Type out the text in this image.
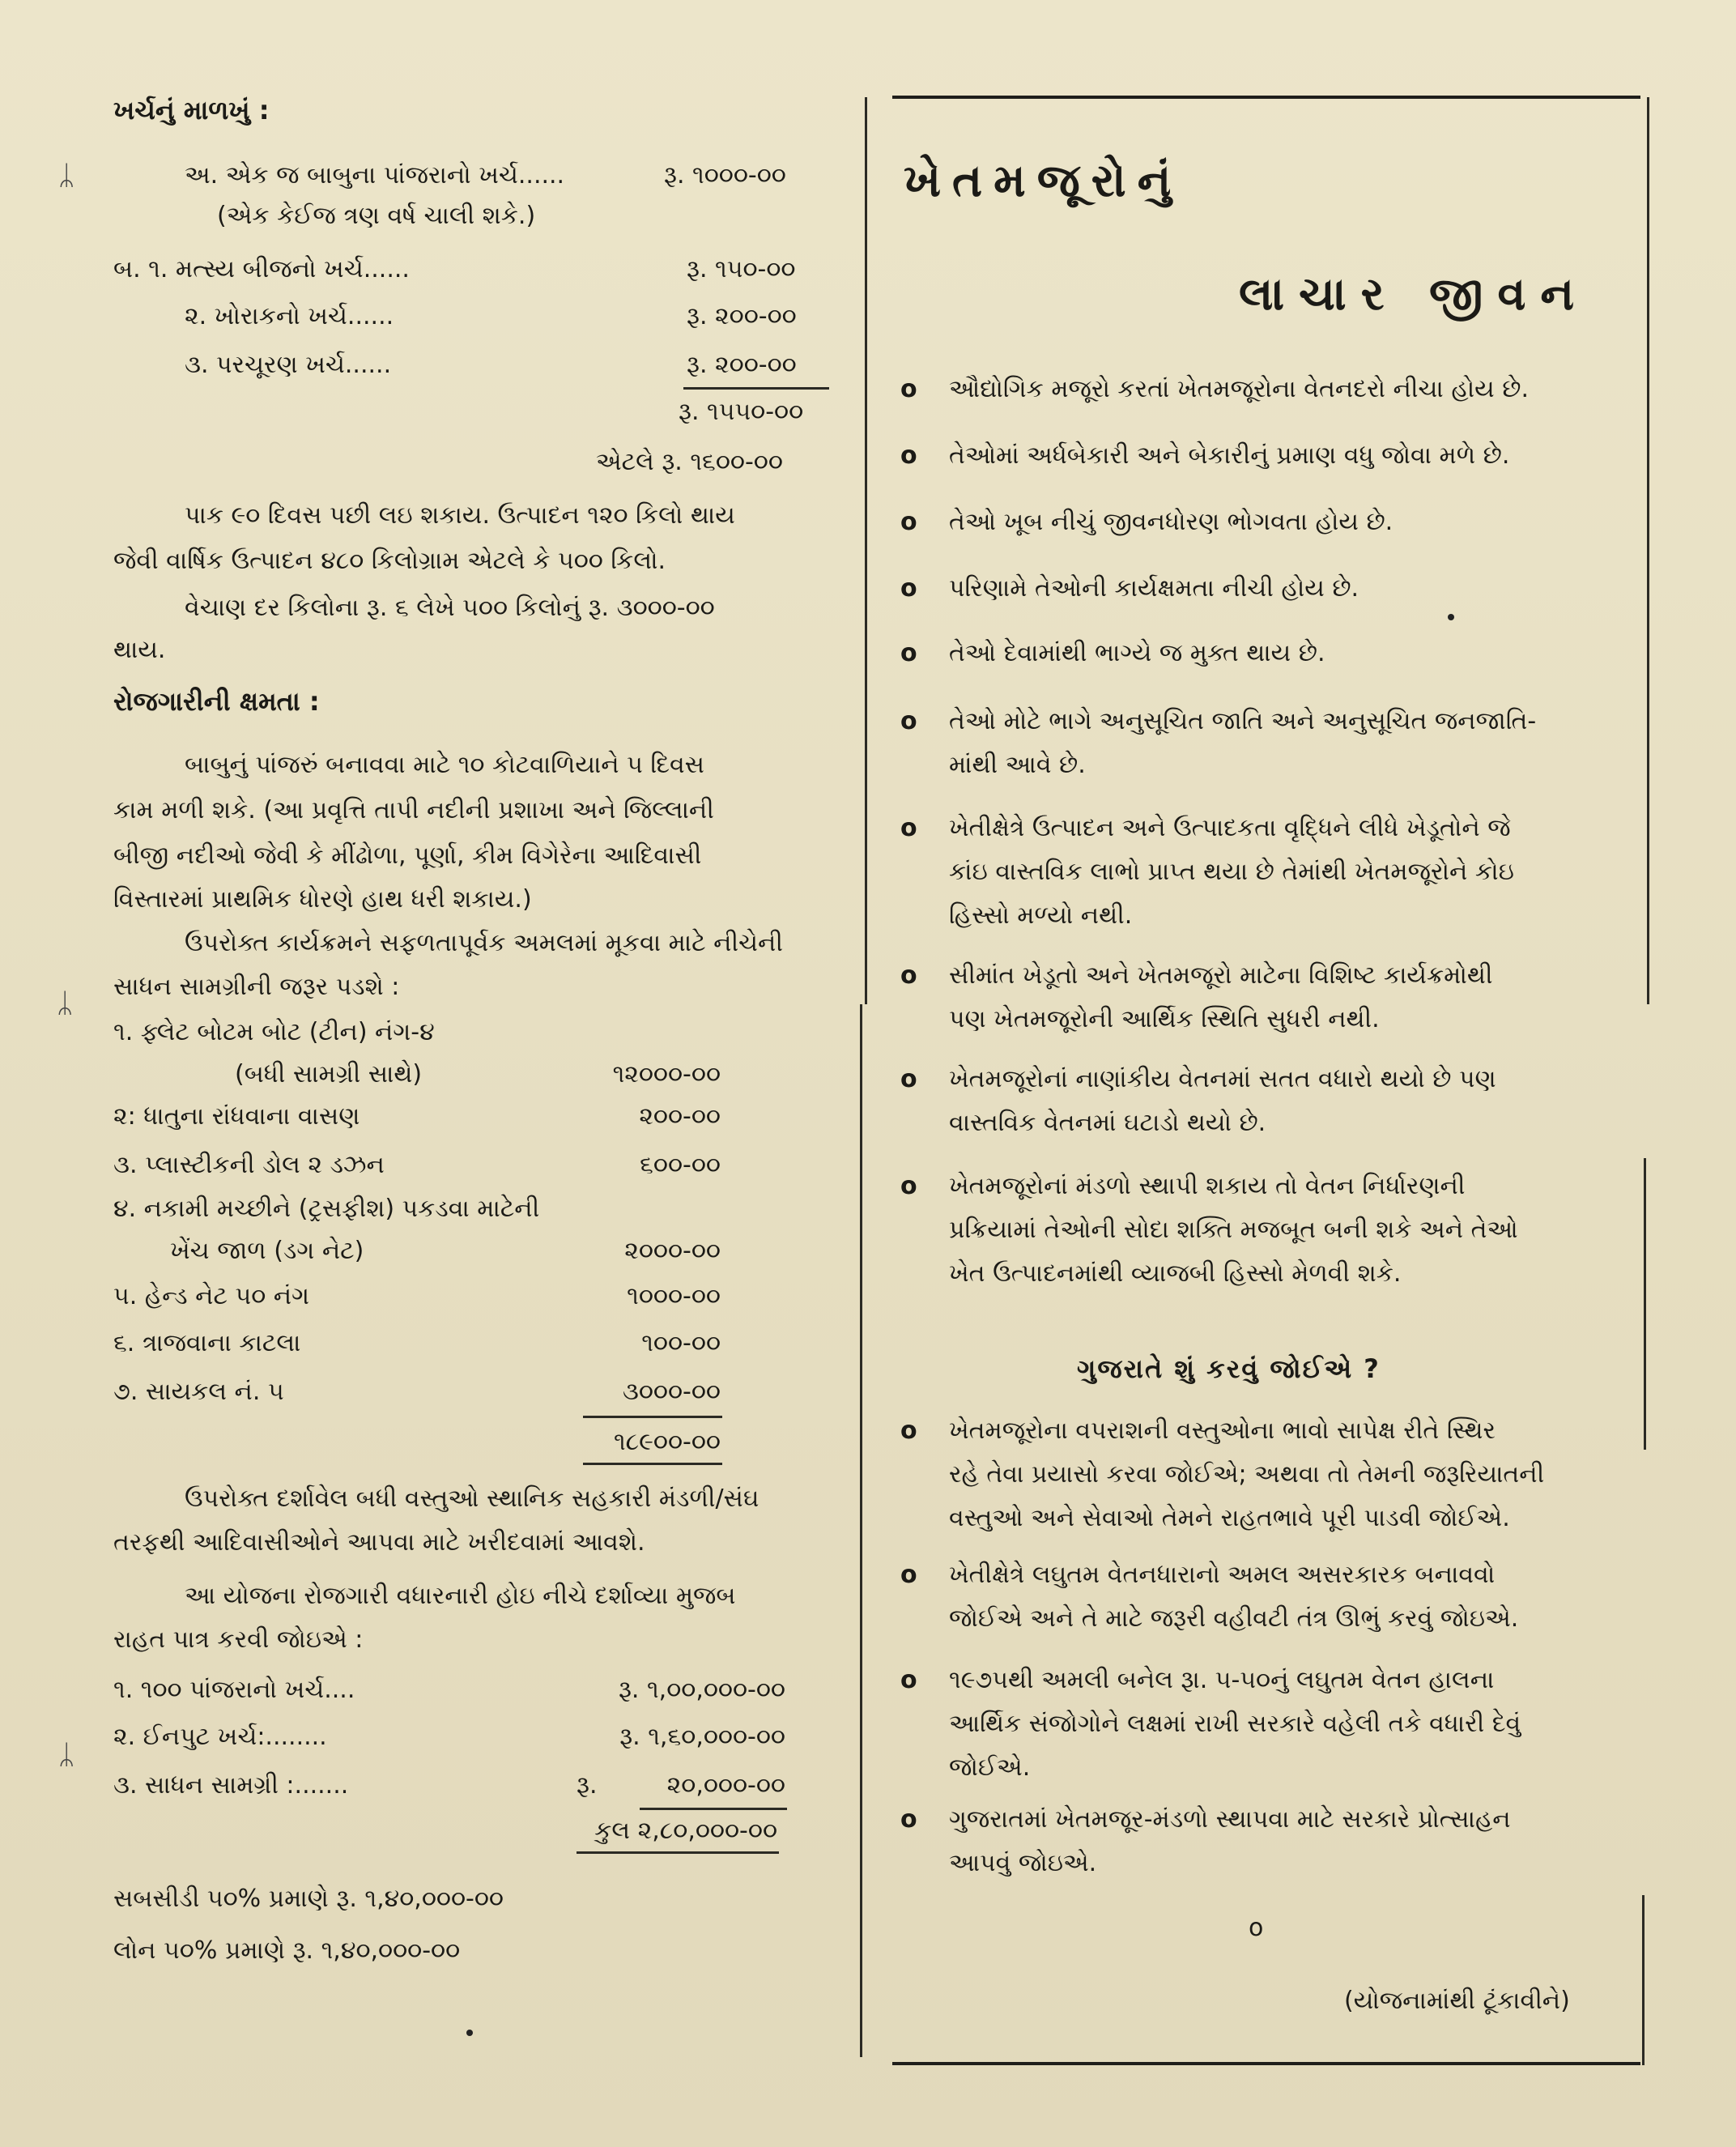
ખર્ચનું માળખું :
અ. એક જ બાબુના પાંજરાનો ખર્ચ......	રૂ. ૧૦૦૦-૦૦
(એક કેઈજ ત્રણ વર્ષ ચાલી શકે.)
બ. ૧. મત્સ્ય બીજનો ખર્ચ......	રૂ. ૧૫૦-૦૦
૨. ખોરાકનો ખર્ચ......	રૂ. ૨૦૦-૦૦
૩. પરચૂરણ ખર્ચ......	રૂ. ૨૦૦-૦૦
રૂ. ૧૫૫૦-૦૦
એટલે રૂ. ૧૬૦૦-૦૦
પાક ૯૦ દિવસ પછી લઇ શકાય. ઉત્પાદન ૧૨૦ કિલો થાય
જેવી વાર્ષિક ઉત્પાદન ૪૮૦ કિલોગ્રામ એટલે કે ૫૦૦ કિલો.
વેચાણ દર કિલોના રૂ. ૬ લેખે ૫૦૦ કિલોનું રૂ. ૩૦૦૦-૦૦
થાય.
રોજગારીની ક્ષમતા :
બાબુનું પાંજરું બનાવવા માટે ૧૦ કોટવાળિયાને ૫ દિવસ
કામ મળી શકે. (આ પ્રવૃત્તિ તાપી નદીની પ્રશાખા અને જિલ્લાની
બીજી નદીઓ જેવી કે મીંઢોળા, પૂર્ણા, કીમ વિગેરેના આદિવાસી
વિસ્તારમાં પ્રાથમિક ધોરણે હાથ ધરી શકાય.)
ઉપરોક્ત કાર્યક્રમને સફળતાપૂર્વક અમલમાં મૂકવા માટે નીચેની
સાધન સામગ્રીની જરૂર પડશે :
૧. ફ્લેટ બોટમ બોટ (ટીન) નંગ-૪
(બધી સામગ્રી સાથે)	૧૨૦૦૦-૦૦
૨: ધાતુના રાંધવાના વાસણ	૨૦૦-૦૦
૩. પ્લાસ્ટીકની ડોલ ૨ ડઝન	૬૦૦-૦૦
૪. નકામી મચ્છીને (ટ્રસફીશ) પકડવા માટેની
ખેંચ જાળ (ડગ નેટ)	૨૦૦૦-૦૦
૫. હેન્ડ નેટ ૫૦ નંગ	૧૦૦૦-૦૦
૬. ત્રાજવાના કાટલા	૧૦૦-૦૦
૭. સાયકલ નં. ૫	૩૦૦૦-૦૦
૧૮૯૦૦-૦૦
ઉપરોક્ત દર્શાવેલ બધી વસ્તુઓ સ્થાનિક સહકારી મંડળી/સંઘ
તરફથી આદિવાસીઓને આપવા માટે ખરીદવામાં આવશે.
આ યોજના રોજગારી વધારનારી હોઇ નીચે દર્શાવ્યા મુજબ
રાહત પાત્ર કરવી જોઇએ :
૧. ૧૦૦ પાંજરાનો ખર્ચ....	રૂ. ૧,૦૦,૦૦૦-૦૦
૨. ઈનપુટ ખર્ચ:........	રૂ. ૧,૬૦,૦૦૦-૦૦
૩. સાધન સામગ્રી :.......	રૂ.	૨૦,૦૦૦-૦૦
કુલ ૨,૮૦,૦૦૦-૦૦
સબસીડી ૫૦% પ્રમાણે રૂ. ૧,૪૦,૦૦૦-૦૦
લોન ૫૦% પ્રમાણે રૂ. ૧,૪૦,૦૦૦-૦૦
ᛦ
ᛦ
ᛦ
ખેતમજૂરોનું
લાચાર જીવન
o ઔદ્યોગિક મજૂરો કરતાં ખેતમજૂરોના વેતનદરો નીચા હોય છે.
o તેઓમાં અર્ધબેકારી અને બેકારીનું પ્રમાણ વધુ જોવા મળે છે.
o તેઓ ખૂબ નીચું જીવનધોરણ ભોગવતા હોય છે.
o પરિણામે તેઓની કાર્યક્ષમતા નીચી હોય છે.
o તેઓ દેવામાંથી ભાગ્યે જ મુક્ત થાય છે.
o તેઓ મોટે ભાગે અનુસૂચિત જાતિ અને અનુસૂચિત જનજાતિ-
માંથી આવે છે.
o ખેતીક્ષેત્રે ઉત્પાદન અને ઉત્પાદકતા વૃદ્ધિને લીધે ખેડૂતોને જે
કાંઇ વાસ્તવિક લાભો પ્રાપ્ત થયા છે તેમાંથી ખેતમજૂરોને કોઇ
હિસ્સો મળ્યો નથી.
o સીમાંત ખેડૂતો અને ખેતમજૂરો માટેના વિશિષ્ટ કાર્યક્રમોથી
પણ ખેતમજૂરોની આર્થિક સ્થિતિ સુધરી નથી.
o ખેતમજૂરોનાં નાણાંકીય વેતનમાં સતત વધારો થયો છે પણ
વાસ્તવિક વેતનમાં ઘટાડો થયો છે.
o ખેતમજૂરોનાં મંડળો સ્થાપી શકાય તો વેતન નિર્ધારણની
પ્રક્રિયામાં તેઓની સોદા શક્તિ મજબૂત બની શકે અને તેઓ
ખેત ઉત્પાદનમાંથી વ્યાજબી હિસ્સો મેળવી શકે.
ગુજરાતે શું કરવું જોઈએ ?
o ખેતમજૂરોના વપરાશની વસ્તુઓના ભાવો સાપેક્ષ રીતે સ્થિર
રહે તેવા પ્રયાસો કરવા જોઈએ; અથવા તો તેમની જરૂરિયાતની
વસ્તુઓ અને સેવાઓ તેમને રાહતભાવે પૂરી પાડવી જોઈએ.
o ખેતીક્ષેત્રે લઘુતમ વેતનધારાનો અમલ અસરકારક બનાવવો
જોઈએ અને તે માટે જરૂરી વહીવટી તંત્ર ઊભું કરવું જોઇએ.
o ૧૯૭૫થી અમલી બનેલ રૂા. ૫-૫૦નું લઘુતમ વેતન હાલના
આર્થિક સંજોગોને લક્ષમાં રાખી સરકારે વહેલી તકે વધારી દેવું
જોઈએ.
o ગુજરાતમાં ખેતમજૂર-મંડળો સ્થાપવા માટે સરકારે પ્રોત્સાહન
આપવું જોઇએ.
o
(યોજનામાંથી ટૂંકાવીને)
